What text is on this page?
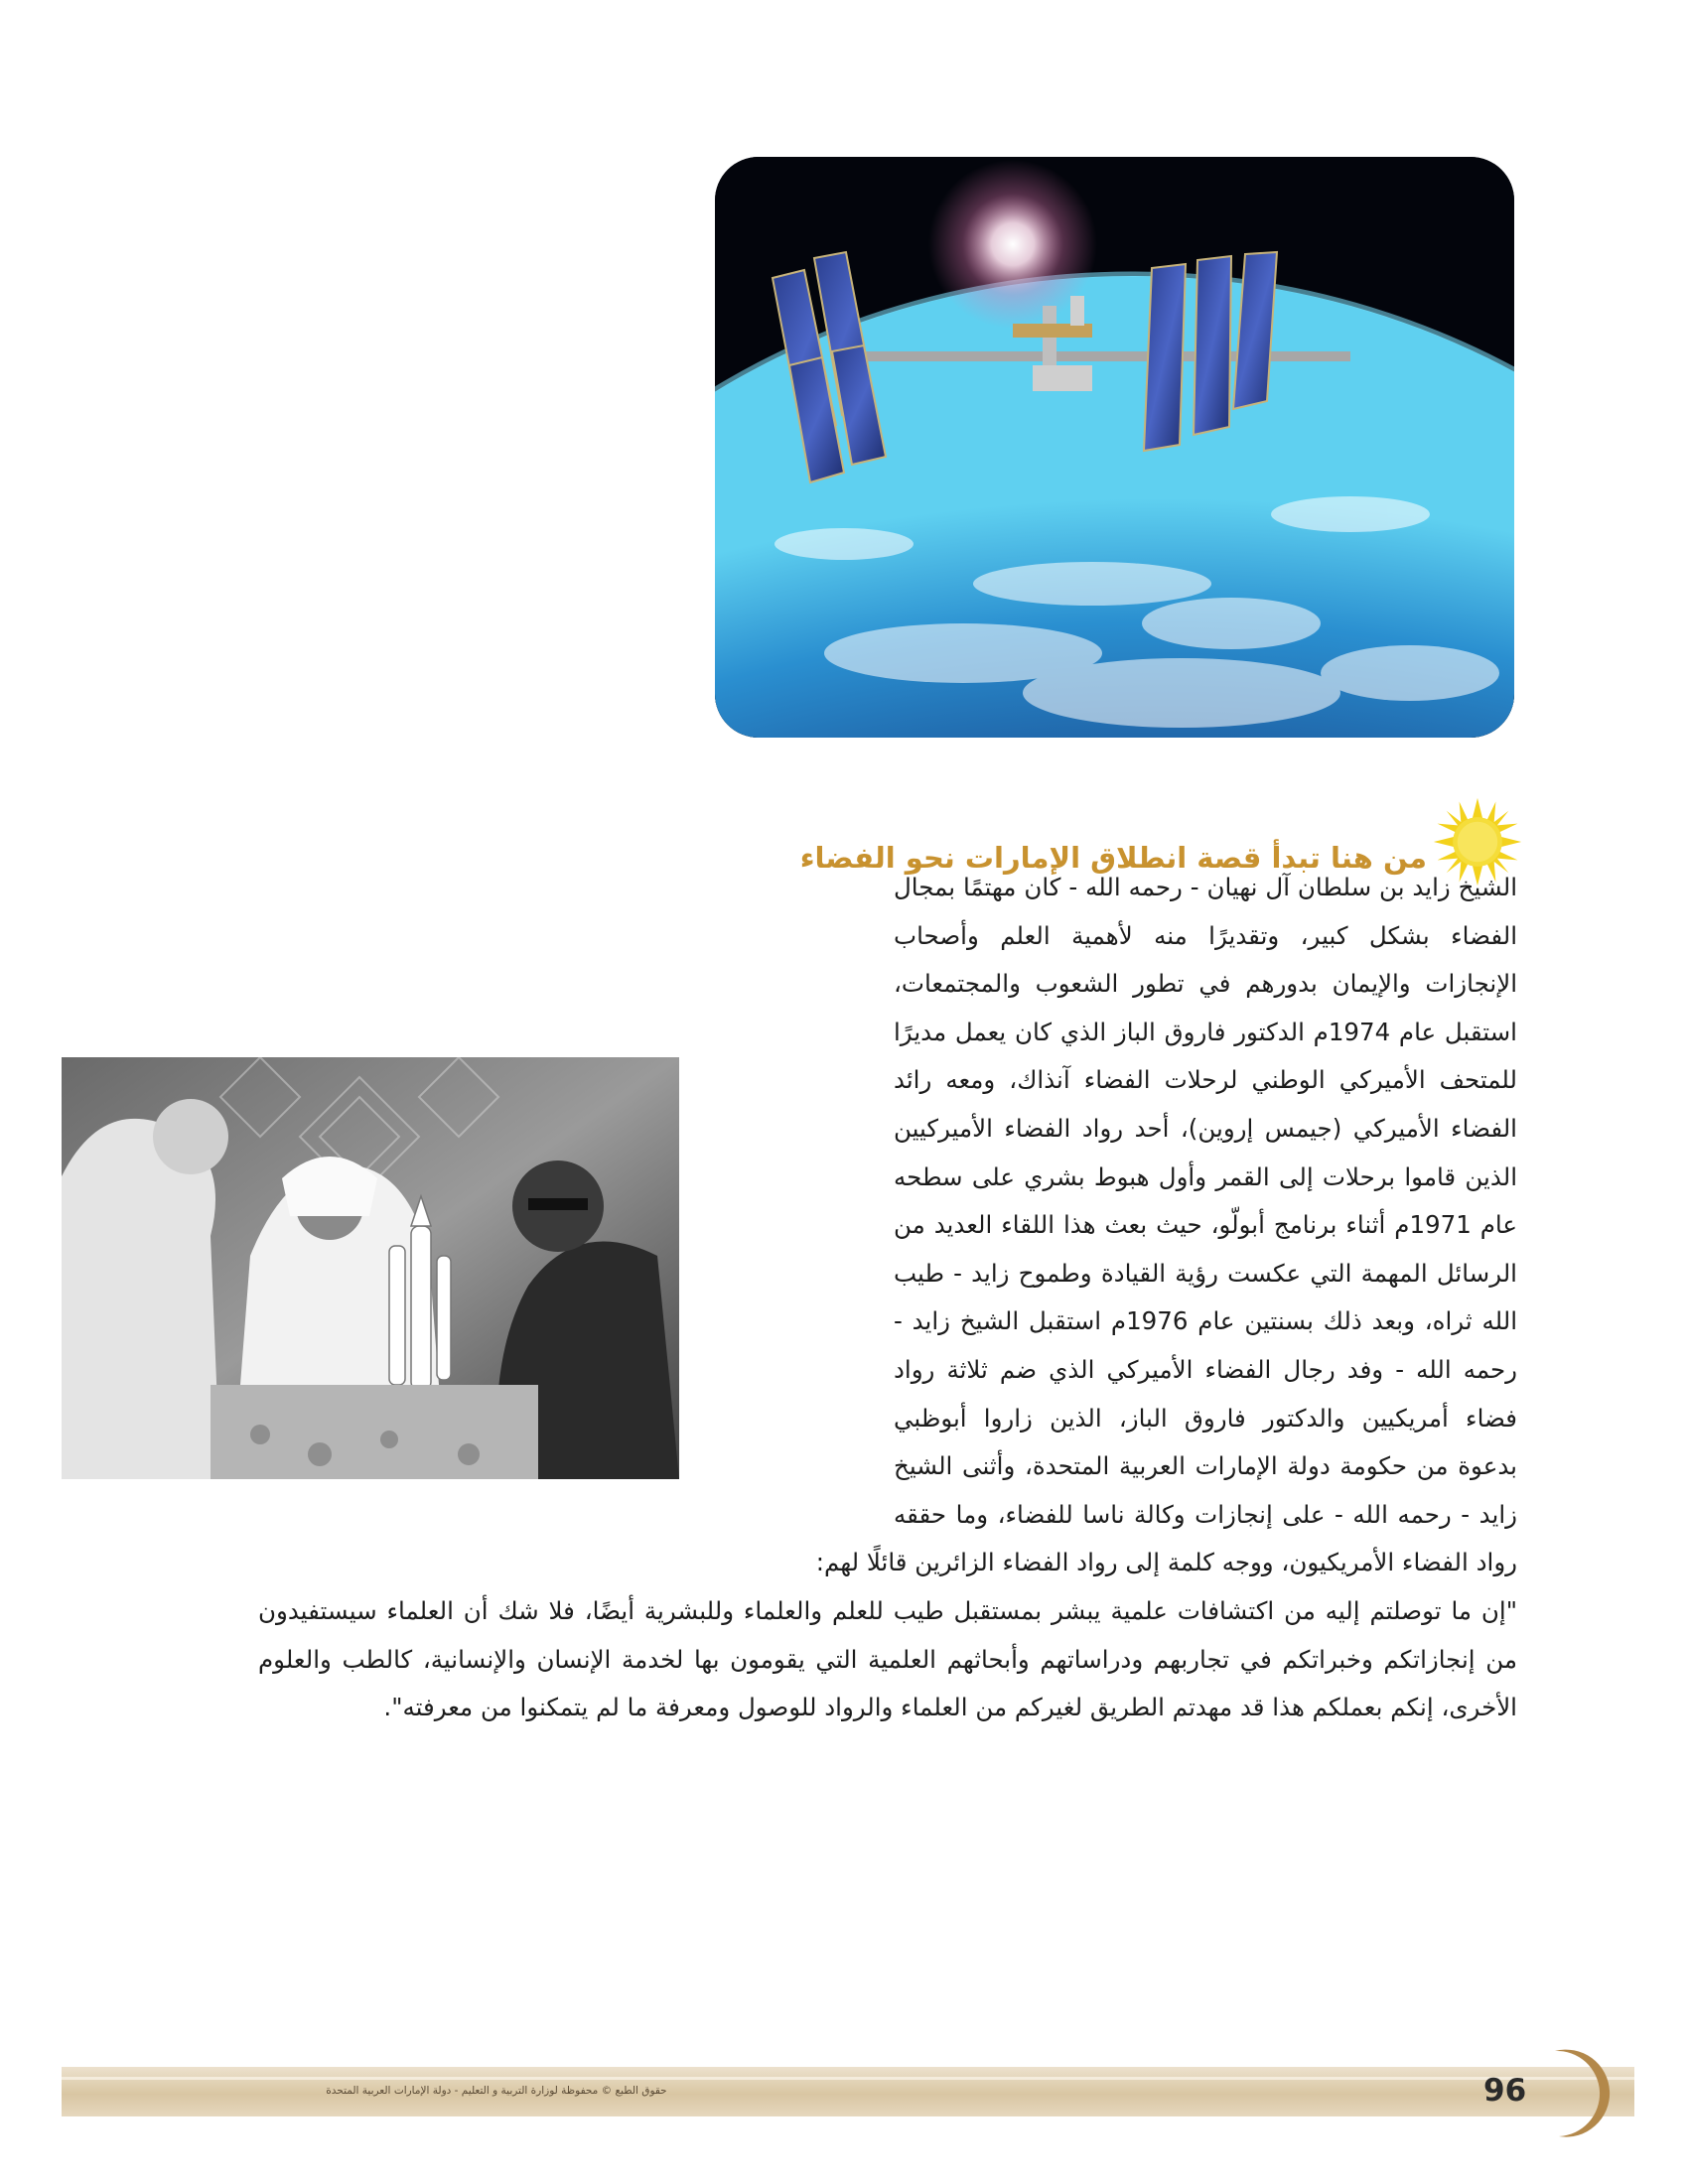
من هنا تبدأ قصة انطلاق الإمارات نحو الفضاء

الشيخ زايد بن سلطان آل نهيان - رحمه الله - كان مهتمًا بمجال الفضاء بشكل كبير، وتقديرًا منه لأهمية العلم وأصحاب الإنجازات والإيمان بدورهم في تطور الشعوب والمجتمعات، استقبل عام 1974م الدكتور فاروق الباز الذي كان يعمل مديرًا للمتحف الأميركي الوطني لرحلات الفضاء آنذاك، ومعه رائد الفضاء الأميركي (جيمس إروين)، أحد رواد الفضاء الأميركيين الذين قاموا برحلات إلى القمر وأول هبوط بشري على سطحه عام 1971م أثناء برنامج أبولّو، حيث بعث هذا اللقاء العديد من الرسائل المهمة التي عكست رؤية القيادة وطموح زايد - طيب الله ثراه، وبعد ذلك بسنتين عام 1976م استقبل الشيخ زايد - رحمه الله - وفد رجال الفضاء الأميركي الذي ضم ثلاثة رواد فضاء أمريكيين والدكتور فاروق الباز، الذين زاروا أبوظبي بدعوة من حكومة دولة الإمارات العربية المتحدة، وأثنى الشيخ زايد - رحمه الله - على إنجازات وكالة ناسا للفضاء، وما حققه رواد الفضاء الأمريكيون، ووجه كلمة إلى رواد الفضاء الزائرين قائلًا لهم:

"إن ما توصلتم إليه من اكتشافات علمية يبشر بمستقبل طيب للعلم والعلماء وللبشرية أيضًا، فلا شك أن العلماء سيستفيدون من إنجازاتكم وخبراتكم في تجاربهم ودراساتهم وأبحاثهم العلمية التي يقومون بها لخدمة الإنسان والإنسانية، كالطب والعلوم الأخرى، إنكم بعملكم هذا قد مهدتم الطريق لغيركم من العلماء والرواد للوصول ومعرفة ما لم يتمكنوا من معرفته".

حقوق الطبع © محفوظة لوزارة التربية و التعليم - دولة الإمارات العربية المتحدة	96
